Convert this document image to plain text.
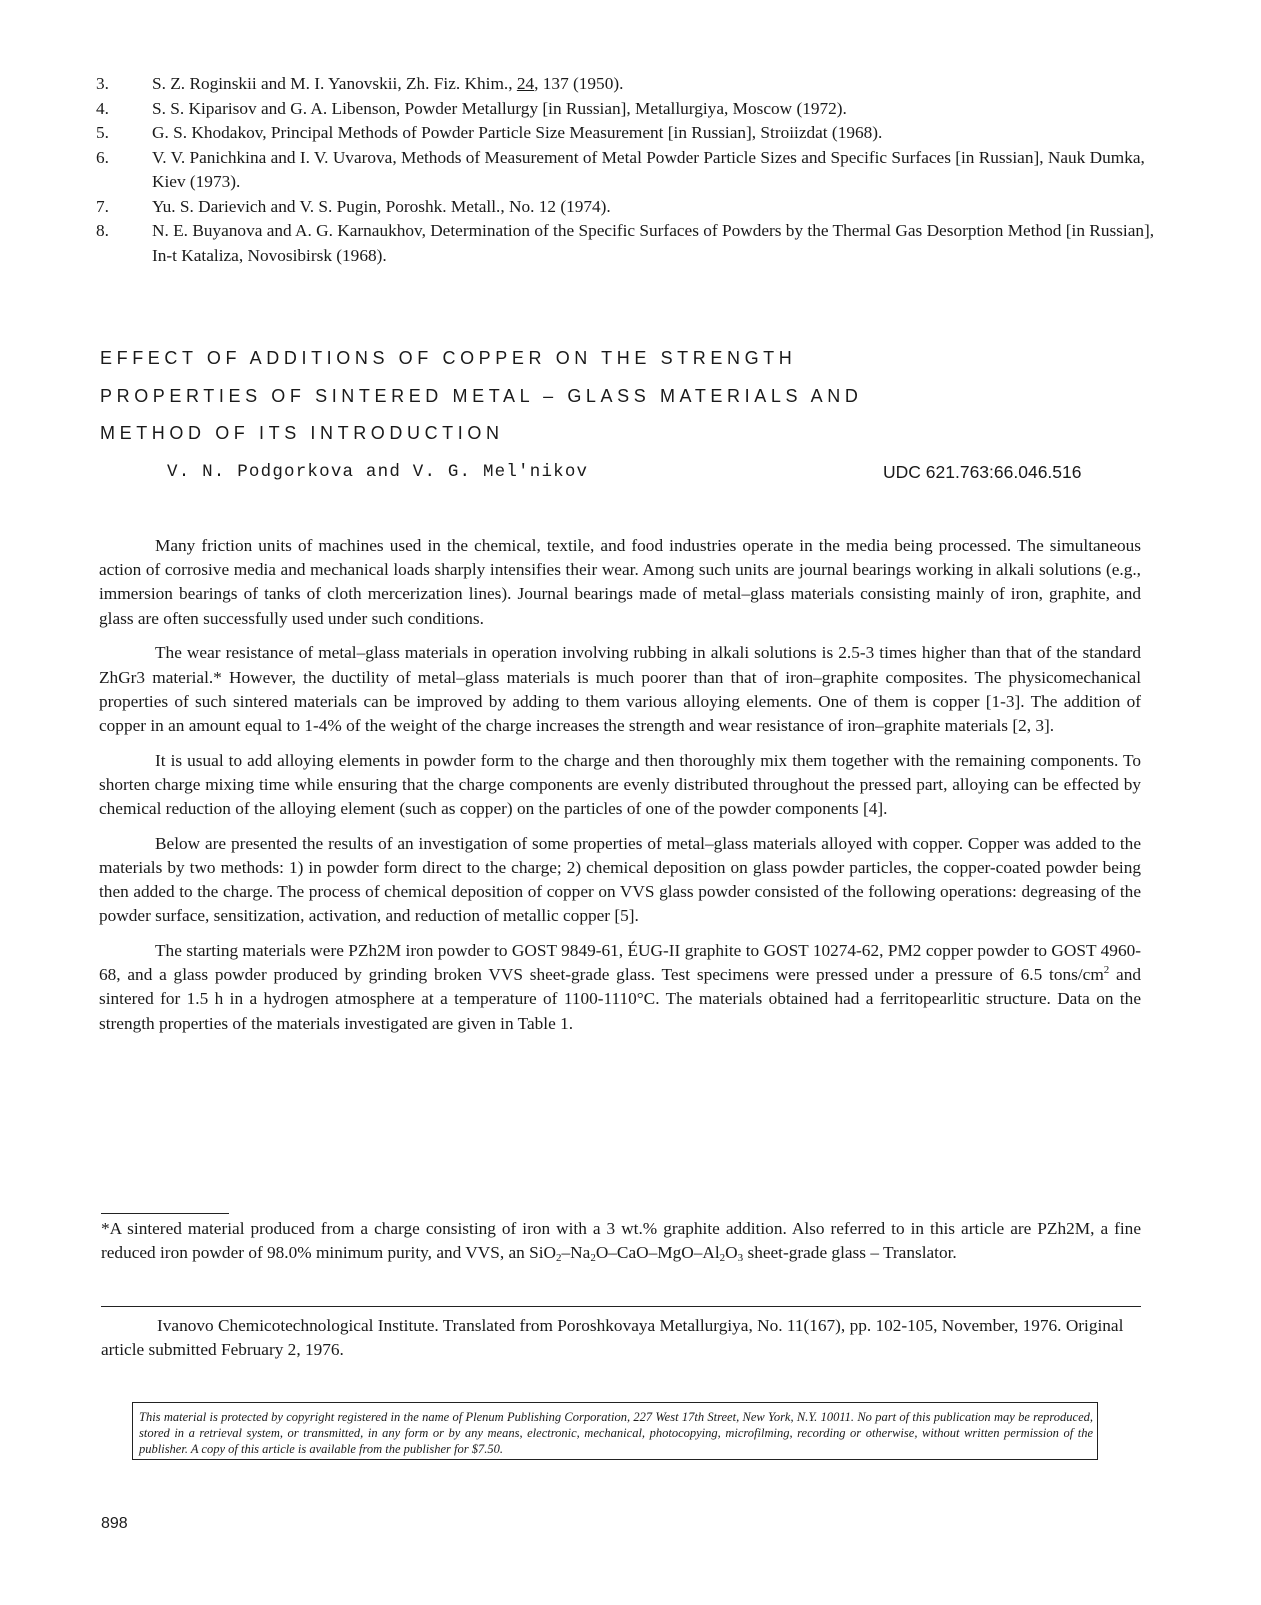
3.	S. Z. Roginskii and M. I. Yanovskii, Zh. Fiz. Khim., 24, 137 (1950).
4.	S. S. Kiparisov and G. A. Libenson, Powder Metallurgy [in Russian], Metallurgiya, Moscow (1972).
5.	G. S. Khodakov, Principal Methods of Powder Particle Size Measurement [in Russian], Stroiizdat (1968).
6.	V. V. Panichkina and I. V. Uvarova, Methods of Measurement of Metal Powder Particle Sizes and Specific Surfaces [in Russian], Nauk Dumka, Kiev (1973).
7.	Yu. S. Darievich and V. S. Pugin, Poroshk. Metall., No. 12 (1974).
8.	N. E. Buyanova and A. G. Karnaukhov, Determination of the Specific Surfaces of Powders by the Thermal Gas Desorption Method [in Russian], In-t Kataliza, Novosibirsk (1968).
EFFECT OF ADDITIONS OF COPPER ON THE STRENGTH
PROPERTIES OF SINTERED METAL – GLASS MATERIALS AND
METHOD OF ITS INTRODUCTION
V. N. Podgorkova and V. G. Mel'nikov	UDC 621.763:66.046.516

Many friction units of machines used in the chemical, textile, and food industries operate in the media being processed. The simultaneous action of corrosive media and mechanical loads sharply intensifies their wear. Among such units are journal bearings working in alkali solutions (e.g., immersion bearings of tanks of cloth mercerization lines). Journal bearings made of metal–glass materials consisting mainly of iron, graphite, and glass are often successfully used under such conditions.

The wear resistance of metal–glass materials in operation involving rubbing in alkali solutions is 2.5-3 times higher than that of the standard ZhGr3 material.* However, the ductility of metal–glass materials is much poorer than that of iron–graphite composites. The physicomechanical properties of such sintered materials can be improved by adding to them various alloying elements. One of them is copper [1-3]. The addition of copper in an amount equal to 1-4% of the weight of the charge increases the strength and wear resistance of iron–graphite materials [2, 3].

It is usual to add alloying elements in powder form to the charge and then thoroughly mix them together with the remaining components. To shorten charge mixing time while ensuring that the charge components are evenly distributed throughout the pressed part, alloying can be effected by chemical reduction of the alloying element (such as copper) on the particles of one of the powder components [4].

Below are presented the results of an investigation of some properties of metal–glass materials alloyed with copper. Copper was added to the materials by two methods: 1) in powder form direct to the charge; 2) chemical deposition on glass powder particles, the copper-coated powder being then added to the charge. The process of chemical deposition of copper on VVS glass powder consisted of the following operations: degreasing of the powder surface, sensitization, activation, and reduction of metallic copper [5].

The starting materials were PZh2M iron powder to GOST 9849-61, ÉUG-II graphite to GOST 10274-62, PM2 copper powder to GOST 4960-68, and a glass powder produced by grinding broken VVS sheet-grade glass. Test specimens were pressed under a pressure of 6.5 tons/$cm^2$ and sintered for 1.5 h in a hydrogen atmosphere at a temperature of 1100-1110°C. The materials obtained had a ferritopearlitic structure. Data on the strength properties of the materials investigated are given in Table 1.

*A sintered material produced from a charge consisting of iron with a 3 wt.% graphite addition. Also referred to in this article are PZh2M, a fine reduced iron powder of 98.0% minimum purity, and VVS, an $SiO_2-Na_2O-CaO-MgO-Al_2O_3$ sheet-grade glass – Translator.

Ivanovo Chemicotechnological Institute. Translated from Poroshkovaya Metallurgiya, No. 11(167), pp. 102-105, November, 1976. Original article submitted February 2, 1976.

This material is protected by copyright registered in the name of Plenum Publishing Corporation, 227 West 17th Street, New York, N.Y. 10011. No part of this publication may be reproduced, stored in a retrieval system, or transmitted, in any form or by any means, electronic, mechanical, photocopying, microfilming, recording or otherwise, without written permission of the publisher. A copy of this article is available from the publisher for $7.50.
898
